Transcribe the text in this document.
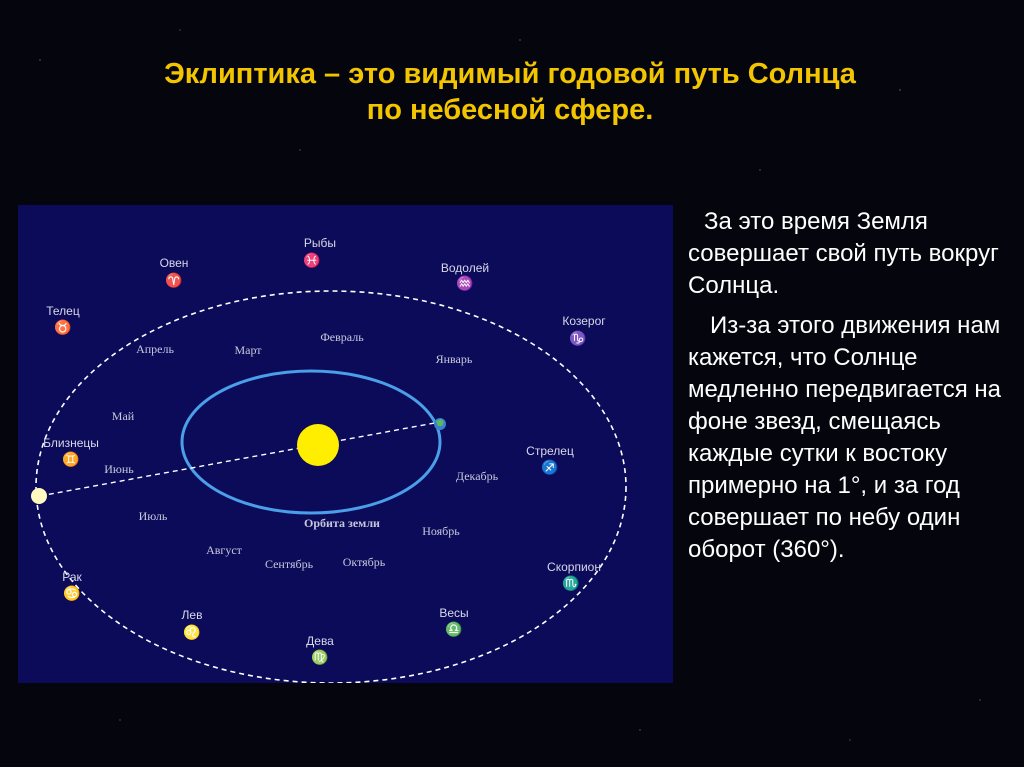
Эклиптика – это видимый годовой путь Солнца
по небесной сфере.
Рыбы
♓
Овен
♈
Водолей
♒
Телец
♉	Козерог
♑
Близнецы
♊	Стрелец
♐
Рак
♋
Скорпион
♏
Лев
♌
Весы
♎
Дева
♍
Февраль
Март
Апрель
Январь
Май
Июнь	Декабрь
Июль
Ноябрь
Август
Сентябрь Октябрь
Орбита земли

За это время Земля совершает свой путь вокруг Солнца.

Из-за этого движения нам кажется, что Солнце медленно передвигается на фоне звезд, смещаясь каждые сутки к востоку примерно на 1°, и за год совершает по небу один оборот (360°).
